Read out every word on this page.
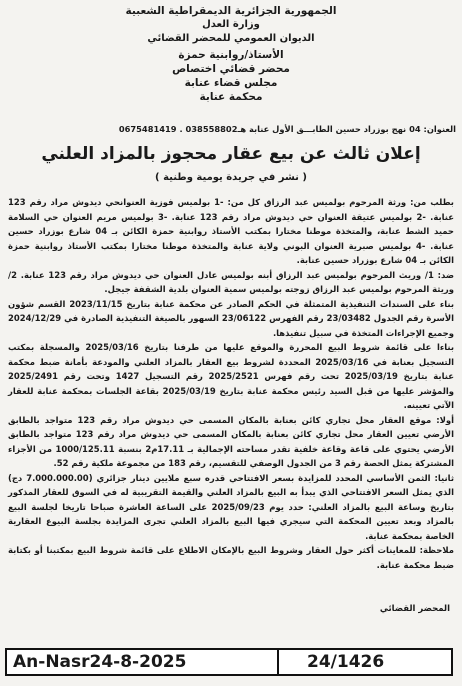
الجمهورية الجزائرية الديمقراطية الشعبية
وزارة العدل
الديوان العمومي للمحضر القضائي
الأستاذ/روابنية حمزة
محضر قضائي اختصاص
مجلس قضاء عنابة
محكمة عنابة
العنوان: 04 نهج بوزراد حسين الطابـــق الأول عنابة هـ038558802 . 0675481419
إعلان ثالث عن بيع عقار محجوز بالمزاد العلني
( نشر في جريدة يومية وطنية )

بطلب من: ورثة المرحوم بولميس عبد الرزاق كل من: -1 بولميس فوزية العنوانحي ديدوش مراد رقم 123 عنابة. -2 بولميس عتيقة العنوان حي ديدوش مراد رقم 123 عنابة. -3 بولميس مريم العنوان حي السلامة حميد الشط عنابة، والمتخذة موطنا مختارا بمكتب الأستاذ روابنية حمزة الكائن بـ 04 شارع بوزراد حسين عنابة. -4 بولميس صبرية العنوان البوني ولاية عنابة والمتخذة موطنا مختارا بمكتب الأستاذ روابنية حمزة الكائن بـ 04 شارع بوزراد حسين عنابة.

ضد: 1/ وريث المرحوم بولميس عبد الرزاق أبنه بولميس عادل العنوان حي ديدوش مراد رقم 123 عنابة. 2/وريثة المرحوم بولميس عبد الرزاق زوجته بولميس سمية العنوان بلدية الشقفة جيجل.

بناء على السندات التنفيذية المتمثلة في الحكم الصادر عن محكمة عنابة بتاريخ 2023/11/15 القسم شؤون الأسرة رقم الجدول 23/03482 رقم الفهرس 23/06122 السهور بالصيغة التنفيذية الصادرة في 2024/12/29 وجميع الإجراءات المتخذة في سبيل تنفيذها.

بناءا على قائمة شروط البيع المحررة والموقع عليها من طرفنا بتاريخ 2025/03/16 والمسجلة بمكتب التسجيل بعنابة في 2025/03/16 المحددة لشروط بيع العقار بالمزاد العلني والمودعة بأمانة ضبط محكمة عنابة بتاريخ 2025/03/19 تحت رقم فهرس 2025/2521 رقم التسجيل 1427 وتحت رقم 2025/2491 والمؤشر عليها من قبل السيد رئيس محكمة عنابة بتاريخ 2025/03/19 بقاعة الجلسات بمحكمة عنابة للعقار الآتي تعيينه.

أولا: موقع العقار محل تجاري كائن بعنابة بالمكان المسمى حي ديدوش مراد رقم 123 متواجد بالطابق الأرضي تعيين العقار محل تجاري كائن بعنابة بالمكان المسمى حي ديدوش مراد رقم 123 متواجد بالطابق الأرضي يحتوي على قاعة وقاعة خلفية تقدر مساحته الإجمالية بـ 17.11م2 بنسبة 1000/125.11 من الأجزاء المشتركة يمثل الحصة رقم 3 من الجدول الوصفي للتقسيم، رقم 183 من مجموعة ملكية رقم 52.

ثانيا: الثمن الأساسي المحدد للمزايدة بسعر الافتتاحي قدره سبع ملايين دينار جزائري (7.000.000.00 دج) الذي يمثل السعر الافتتاحي الذي يبدأ به البيع بالمزاد العلني والقيمة التقريبية له في السوق للعقار المذكور بتاريخ وساعة البيع بالمزاد العلني: حدد يوم 2025/09/23 على الساعة العاشرة صباحا تاريخا لجلسة البيع بالمزاد وبعد تعيين المحكمة التي سيجري فيها البيع بالمزاد العلني تجرى المزايدة بجلسة البيوع العقارية الخاصة بمحكمة عنابة.

ملاحظة: للمعاينات أكثر حول العقار وشروط البيع بالإمكان الاطلاع على قائمة شروط البيع بمكتبنا أو بكتابة ضبط محكمة عنابة.

المحضر القضائي
An-Nasr24-8-2025	24/1426
